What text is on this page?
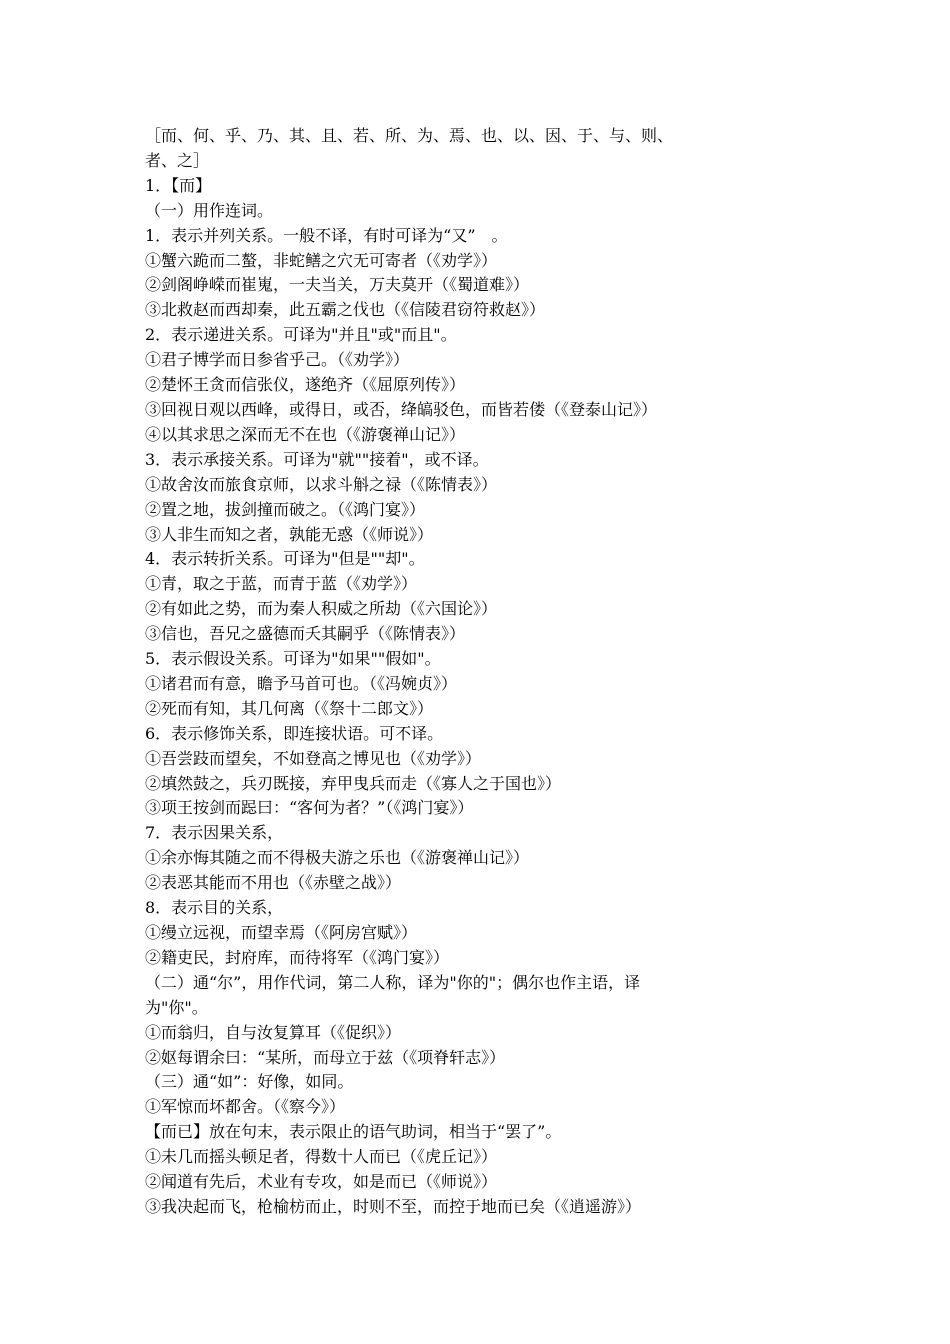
［而、何、乎、乃、其、且、若、所、为、焉、也、以、因、于、与、则、
者、之］
1．【而】
（一）用作连词。
1．表示并列关系。一般不译，有时可译为“又”　。
①蟹六跪而二螯，非蛇鳝之穴无可寄者（《劝学》）
②剑阁峥嵘而崔嵬，一夫当关，万夫莫开（《蜀道难》）
③北救赵而西却秦，此五霸之伐也（《信陵君窃符救赵》）
2．表示递进关系。可译为"并且"或"而且"。
①君子博学而日参省乎己。（《劝学》）
②楚怀王贪而信张仪，遂绝齐（《屈原列传》）
③回视日观以西峰，或得日，或否，绛皜驳色，而皆若偻（《登泰山记》）
④以其求思之深而无不在也（《游褒禅山记》）
3．表示承接关系。可译为"就""接着"，或不译。
①故舍汝而旅食京师，以求斗斛之禄（《陈情表》）
②置之地，拔剑撞而破之。（《鸿门宴》）
③人非生而知之者，孰能无惑（《师说》）
4．表示转折关系。可译为"但是""却"。
①青，取之于蓝，而青于蓝（《劝学》）
②有如此之势，而为秦人积威之所劫（《六国论》）
③信也，吾兄之盛德而夭其嗣乎（《陈情表》）
5．表示假设关系。可译为"如果""假如"。
①诸君而有意，瞻予马首可也。（《冯婉贞》）
②死而有知，其几何离（《祭十二郎文》）
6．表示修饰关系，即连接状语。可不译。
①吾尝跂而望矣，不如登高之博见也（《劝学》）
②填然鼓之，兵刃既接，弃甲曳兵而走（《寡人之于国也》）
③项王按剑而跽曰：“客何为者？”（《鸿门宴》）
7．表示因果关系，
①余亦悔其随之而不得极夫游之乐也（《游褒禅山记》）
②表恶其能而不用也（《赤壁之战》）
8．表示目的关系，
①缦立远视，而望幸焉（《阿房宫赋》）
②籍吏民，封府库，而待将军（《鸿门宴》）
（二）通“尔”，用作代词，第二人称，译为"你的"；偶尔也作主语，译
为"你"。
①而翁归，自与汝复算耳（《促织》）
②妪每谓余曰：“某所，而母立于兹（《项脊轩志》）
（三）通“如”：好像，如同。
①军惊而坏都舍。（《察今》）
【而已】放在句末，表示限止的语气助词，相当于“罢了”。
①未几而摇头顿足者，得数十人而已（《虎丘记》）
②闻道有先后，术业有专攻，如是而已（《师说》）
③我决起而飞，枪榆枋而止，时则不至，而控于地而已矣（《逍遥游》）
